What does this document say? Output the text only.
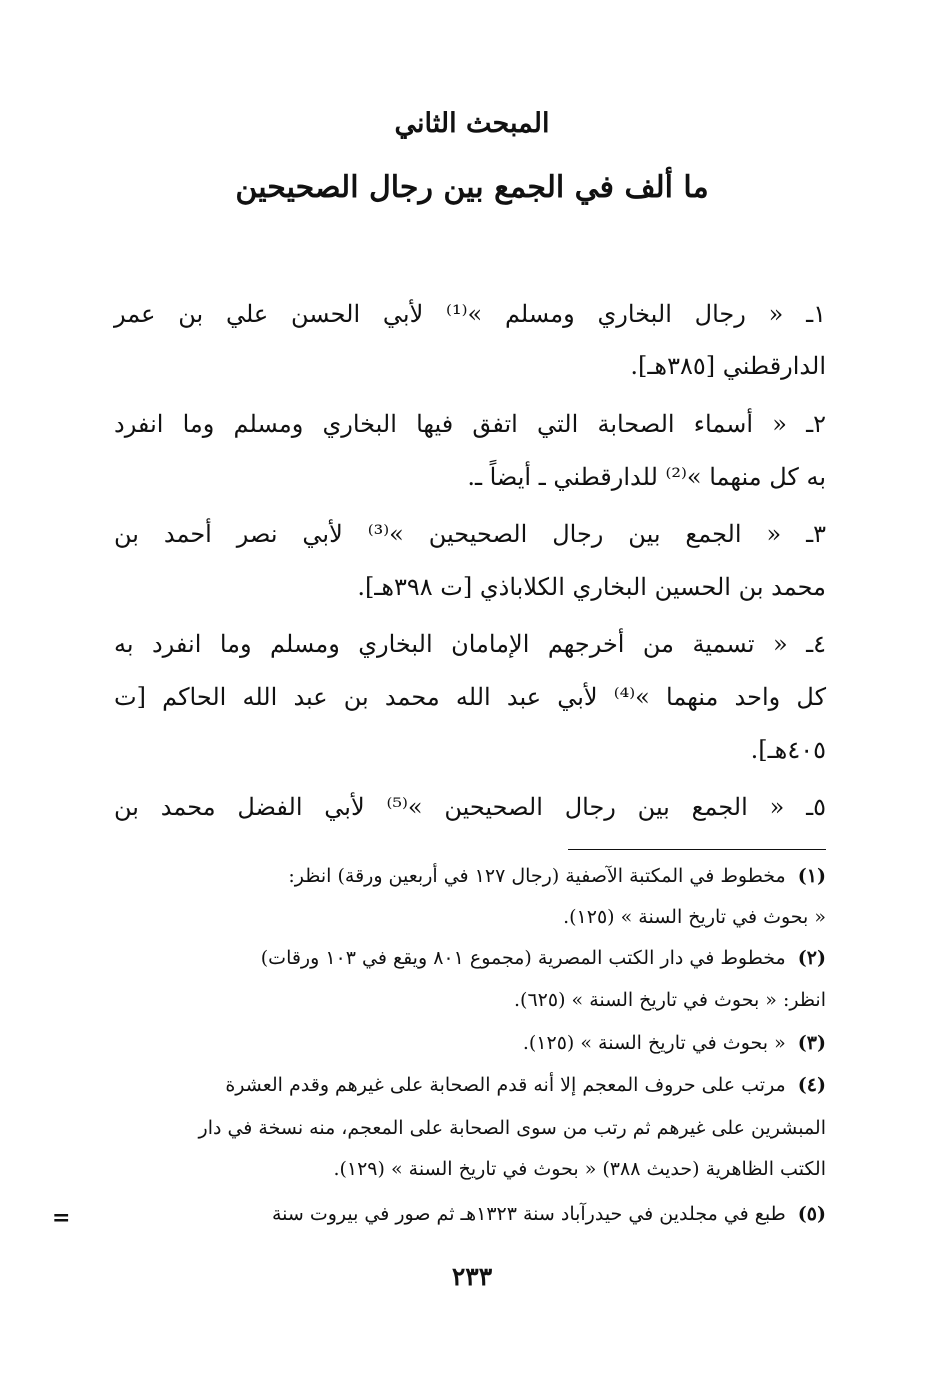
المبحث الثاني
ما ألف في الجمع بين رجال الصحيحين
١ـ « رجال البخاري ومسلم »⁽¹⁾ لأبي الحسن علي بن عمر
الدارقطني [٣٨٥هـ].
٢ـ « أسماء الصحابة التي اتفق فيها البخاري ومسلم وما انفرد
به كل منهما »⁽²⁾ للدارقطني ـ أيضاً ـ.
٣ـ « الجمع بين رجال الصحيحين »⁽³⁾ لأبي نصر أحمد بن
محمد بن الحسين البخاري الكلاباذي [ت ٣٩٨هـ].
٤ـ « تسمية من أخرجهم الإمامان البخاري ومسلم وما انفرد به
كل واحد منهما »⁽⁴⁾ لأبي عبد الله محمد بن عبد الله الحاكم [ت
٤٠٥هـ].
٥ـ « الجمع بين رجال الصحيحين »⁽⁵⁾ لأبي الفضل محمد بن
(١) مخطوط في المكتبة الآصفية (رجال ١٢٧ في أربعين ورقة) انظر:
« بحوث في تاريخ السنة » (١٢٥).
(٢) مخطوط في دار الكتب المصرية (مجموع ٨٠١ ويقع في ١٠٣ ورقات)
انظر: « بحوث في تاريخ السنة » (٦٢٥).
(٣) « بحوث في تاريخ السنة » (١٢٥).
(٤) مرتب على حروف المعجم إلا أنه قدم الصحابة على غيرهم وقدم العشرة
المبشرين على غيرهم ثم رتب من سوى الصحابة على المعجم، منه نسخة في دار
الكتب الظاهرية (حديث ٣٨٨) « بحوث في تاريخ السنة » (١٢٩).
(٥) طبع في مجلدين في حيدرآباد سنة ١٣٢٣هـ ثم صور في بيروت سنة
=
٢٣٣
